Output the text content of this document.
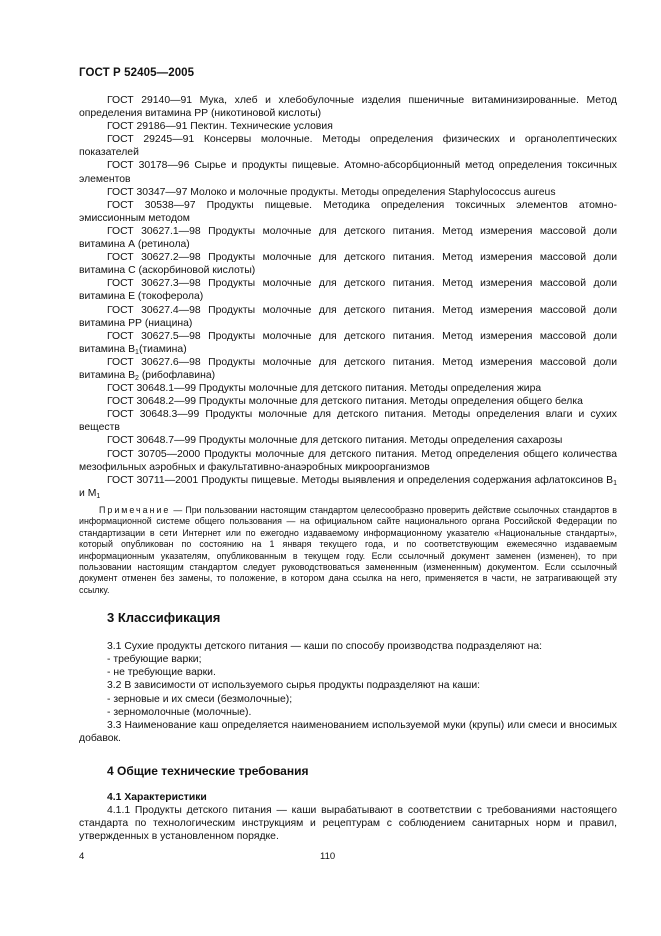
ГОСТ Р 52405—2005

ГОСТ 29140—91 Мука, хлеб и хлебобулочные изделия пшеничные витаминизированные. Метод определения витамина РР (никотиновой кислоты)

ГОСТ 29186—91 Пектин. Технические условия

ГОСТ 29245—91 Консервы молочные. Методы определения физических и органолептических показателей

ГОСТ 30178—96 Сырье и продукты пищевые. Атомно-абсорбционный метод определения токсичных элементов

ГОСТ 30347—97 Молоко и молочные продукты. Методы определения Staphylococcus aureus

ГОСТ 30538—97 Продукты пищевые. Методика определения токсичных элементов атомно-эмиссионным методом

ГОСТ 30627.1—98 Продукты молочные для детского питания. Метод измерения массовой доли витамина А (ретинола)

ГОСТ 30627.2—98 Продукты молочные для детского питания. Метод измерения массовой доли витамина С (аскорбиновой кислоты)

ГОСТ 30627.3—98 Продукты молочные для детского питания. Метод измерения массовой доли витамина Е (токоферола)

ГОСТ 30627.4—98 Продукты молочные для детского питания. Метод измерения массовой доли витамина РР (ниацина)

ГОСТ 30627.5—98 Продукты молочные для детского питания. Метод измерения массовой доли витамина $В_1(тиамина)$

ГОСТ 30627.6—98 Продукты молочные для детского питания. Метод измерения массовой доли витамина $В_2$ (рибофлавина)

ГОСТ 30648.1—99 Продукты молочные для детского питания. Методы определения жира

ГОСТ 30648.2—99 Продукты молочные для детского питания. Методы определения общего белка

ГОСТ 30648.3—99 Продукты молочные для детского питания. Методы определения влаги и сухих веществ

ГОСТ 30648.7—99 Продукты молочные для детского питания. Методы определения сахарозы

ГОСТ 30705—2000 Продукты молочные для детского питания. Метод определения общего количества мезофильных аэробных и факультативно-анаэробных микроорганизмов

ГОСТ 30711—2001 Продукты пищевые. Методы выявления и определения содержания афлатоксинов $В_1$ и $М_1$

Примечание — При пользовании настоящим стандартом целесообразно проверить действие ссылочных стандартов в информационной системе общего пользования — на официальном сайте национального органа Российской Федерации по стандартизации в сети Интернет или по ежегодно издаваемому информационному указателю «Национальные стандарты», который опубликован по состоянию на 1 января текущего года, и по соответствующим ежемесячно издаваемым информационным указателям, опубликованным в текущем году. Если ссылочный документ заменен (изменен), то при пользовании настоящим стандартом следует руководствоваться замененным (измененным) документом. Если ссылочный документ отменен без замены, то положение, в котором дана ссылка на него, применяется в части, не затрагивающей эту ссылку.

3 Классификация

3.1 Сухие продукты детского питания — каши по способу производства подразделяют на:

- требующие варки;

- не требующие варки.

3.2 В зависимости от используемого сырья продукты подразделяют на каши:

- зерновые и их смеси (безмолочные);

- зерномолочные (молочные).

3.3 Наименование каш определяется наименованием используемой муки (крупы) или смеси и вносимых добавок.

4 Общие технические требования

4.1 Характеристики

4.1.1 Продукты детского питания — каши вырабатывают в соответствии с требованиями настоящего стандарта по технологическим инструкциям и рецептурам с соблюдением санитарных норм и правил, утвержденных в установленном порядке.

4	110
